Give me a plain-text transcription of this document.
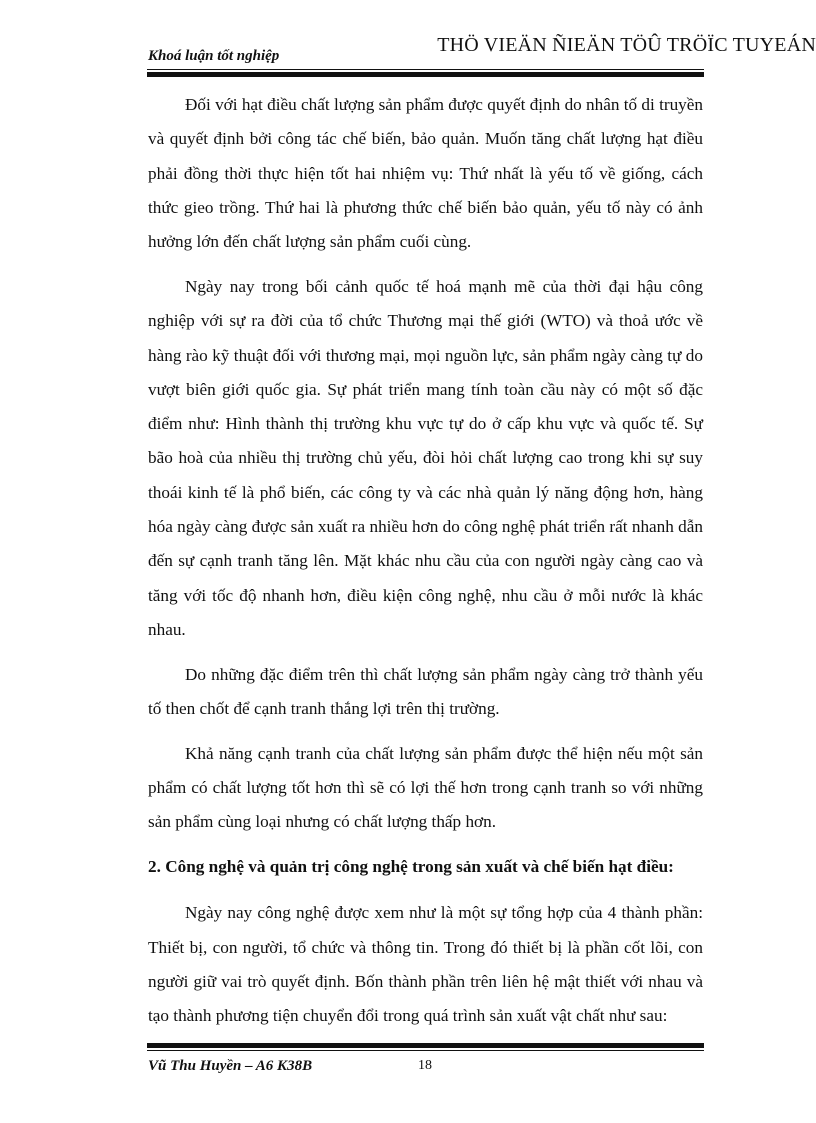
Khoá luận tốt nghiệp	THÖ VIEÄN ÑIEÄN TÖÛ TRÖÏC TUYEÁN

Đối với hạt điều chất lượng sản phẩm được quyết định do nhân tố di truyền và quyết định bởi công tác chế biến, bảo quản. Muốn tăng chất lượng hạt điều phải đồng thời thực hiện tốt hai nhiệm vụ: Thứ nhất là yếu tố về giống, cách thức gieo trồng. Thứ hai là phương thức chế biến bảo quản, yếu tố này có ảnh hưởng lớn đến chất lượng sản phẩm cuối cùng.

Ngày nay trong bối cảnh quốc tế hoá mạnh mẽ của thời đại hậu công nghiệp với sự ra đời của tổ chức Thương mại thế giới (WTO) và thoả ước về hàng rào kỹ thuật đối với thương mại, mọi nguồn lực, sản phẩm ngày càng tự do vượt biên giới quốc gia. Sự phát triển mang tính toàn cầu này có một số đặc điểm như: Hình thành thị trường khu vực tự do ở cấp khu vực và quốc tế. Sự bão hoà của nhiều thị trường chủ yếu, đòi hỏi chất lượng cao trong khi sự suy thoái kinh tế là phổ biến, các công ty và các nhà quản lý năng động hơn, hàng hóa ngày càng được sản xuất ra nhiều hơn do công nghệ phát triển rất nhanh dẫn đến sự cạnh tranh tăng lên. Mặt khác nhu cầu của con người ngày càng cao và tăng với tốc độ nhanh hơn, điều kiện công nghệ, nhu cầu ở mỗi nước là khác nhau.

Do những đặc điểm trên thì chất lượng sản phẩm ngày càng trở thành yếu tố then chốt để cạnh tranh thắng lợi trên thị trường.

Khả năng cạnh tranh của chất lượng sản phẩm được thể hiện nếu một sản phẩm có chất lượng tốt hơn thì sẽ có lợi thế hơn trong cạnh tranh so với những sản phẩm cùng loại nhưng có chất lượng thấp hơn.

2. Công nghệ và quản trị công nghệ trong sản xuất và chế biến hạt điều:

Ngày nay công nghệ được xem như là một sự tổng hợp của 4 thành phần: Thiết bị, con người, tổ chức và thông tin. Trong đó thiết bị là phần cốt lõi, con người giữ vai trò quyết định. Bốn thành phần trên liên hệ mật thiết với nhau và tạo thành phương tiện chuyển đổi trong quá trình sản xuất vật chất như sau:

Vũ Thu Huyền – A6 K38B	18
